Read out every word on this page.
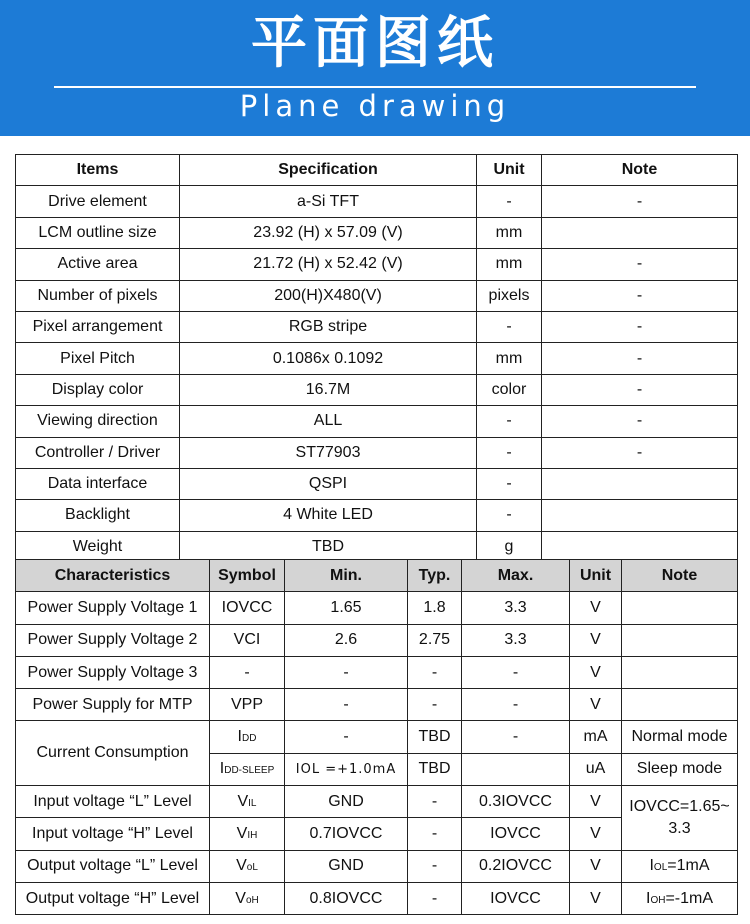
平面图纸
Plane drawing
Items	Specification	Unit	Note
Drive element	a-Si TFT	-	-
LCM outline size	23.92 (H) x 57.09 (V)	mm	
Active area	21.72 (H) x 52.42 (V)	mm	-
Number of pixels	200(H)X480(V)	pixels	-
Pixel arrangement	RGB stripe	-	-
Pixel Pitch	0.1086x 0.1092	mm	-
Display color	16.7M	color	-
Viewing direction	ALL	-	-
Controller / Driver	ST77903	-	-
Data interface	QSPI	-	
Backlight	4 White LED	-	
Weight	TBD	g	
Characteristics	Symbol	Min.	Typ.	Max.	Unit	Note
Power Supply Voltage 1	IOVCC	1.65	1.8	3.3	V	
Power Supply Voltage 2	VCI	2.6	2.75	3.3	V	
Power Supply Voltage 3	-	-	-	-	V	
Power Supply for MTP	VPP	-	-	-	V	
Current Consumption	IDD	-	TBD	-	mA	Normal mode
	IDD-SLEEP	IOL =+1.0mA	TBD		uA	Sleep mode
Input voltage “L” Level	VIL	GND	-	0.3IOVCC	V	IOVCC=1.65~ 3.3
Input voltage “H” Level	VIH	0.7IOVCC	-	IOVCC	V	
Output voltage “L” Level	VoL	GND	-	0.2IOVCC	V	IOL=1mA
Output voltage “H” Level	VoH	0.8IOVCC	-	IOVCC	V	IOH=-1mA
